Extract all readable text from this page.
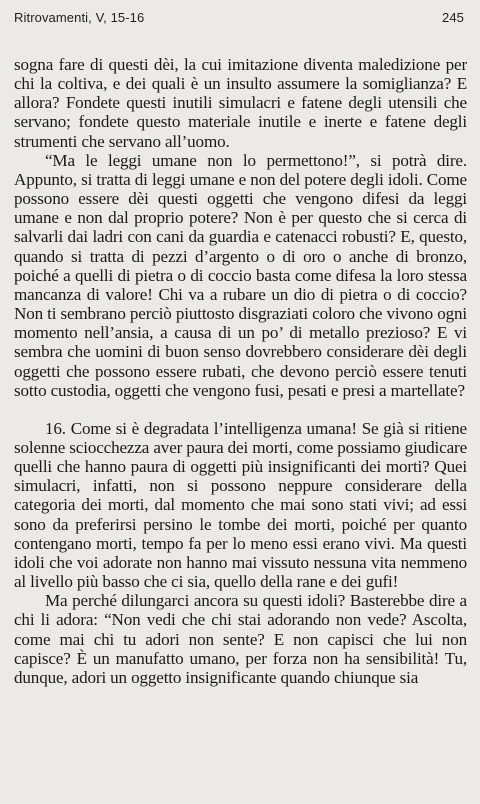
Ritrovamenti, V, 15-16	245

sogna fare di questi dèi, la cui imitazione diventa maledizione per chi la coltiva, e dei quali è un insulto assumere la somiglianza? E allora? Fondete questi inutili simulacri e fatene degli utensili che servano; fondete questo materiale inutile e inerte e fatene degli strumenti che servano all’uomo.

“Ma le leggi umane non lo permettono!”, si potrà dire. Appunto, si tratta di leggi umane e non del potere degli idoli. Come possono essere dèi questi oggetti che vengono difesi da leggi umane e non dal proprio potere? Non è per questo che si cerca di salvarli dai ladri con cani da guardia e catenacci robusti? E, questo, quando si tratta di pezzi d’argento o di oro o anche di bronzo, poiché a quelli di pietra o di coccio basta come difesa la loro stessa mancanza di valore! Chi va a rubare un dio di pietra o di coccio? Non ti sembrano perciò piuttosto disgraziati coloro che vivono ogni momento nell’ansia, a causa di un po’ di metallo prezioso? E vi sembra che uomini di buon senso dovrebbero considerare dèi degli oggetti che possono essere rubati, che devono perciò essere tenuti sotto custodia, oggetti che vengono fusi, pesati e presi a martellate?

16. Come si è degradata l’intelligenza umana! Se già si ritiene solenne sciocchezza aver paura dei morti, come possiamo giudicare quelli che hanno paura di oggetti più insignificanti dei morti? Quei simulacri, infatti, non si possono neppure considerare della categoria dei morti, dal momento che mai sono stati vivi; ad essi sono da preferirsi persino le tombe dei morti, poiché per quanto contengano morti, tempo fa per lo meno essi erano vivi. Ma questi idoli che voi adorate non hanno mai vissuto nessuna vita nemmeno al livello più basso che ci sia, quello della rane e dei gufi!

Ma perché dilungarci ancora su questi idoli? Basterebbe dire a chi li adora: “Non vedi che chi stai adorando non vede? Ascolta, come mai chi tu adori non sente? E non capisci che lui non capisce? È un manufatto umano, per forza non ha sensibilità! Tu, dunque, adori un oggetto insignificante quando chiunque sia
